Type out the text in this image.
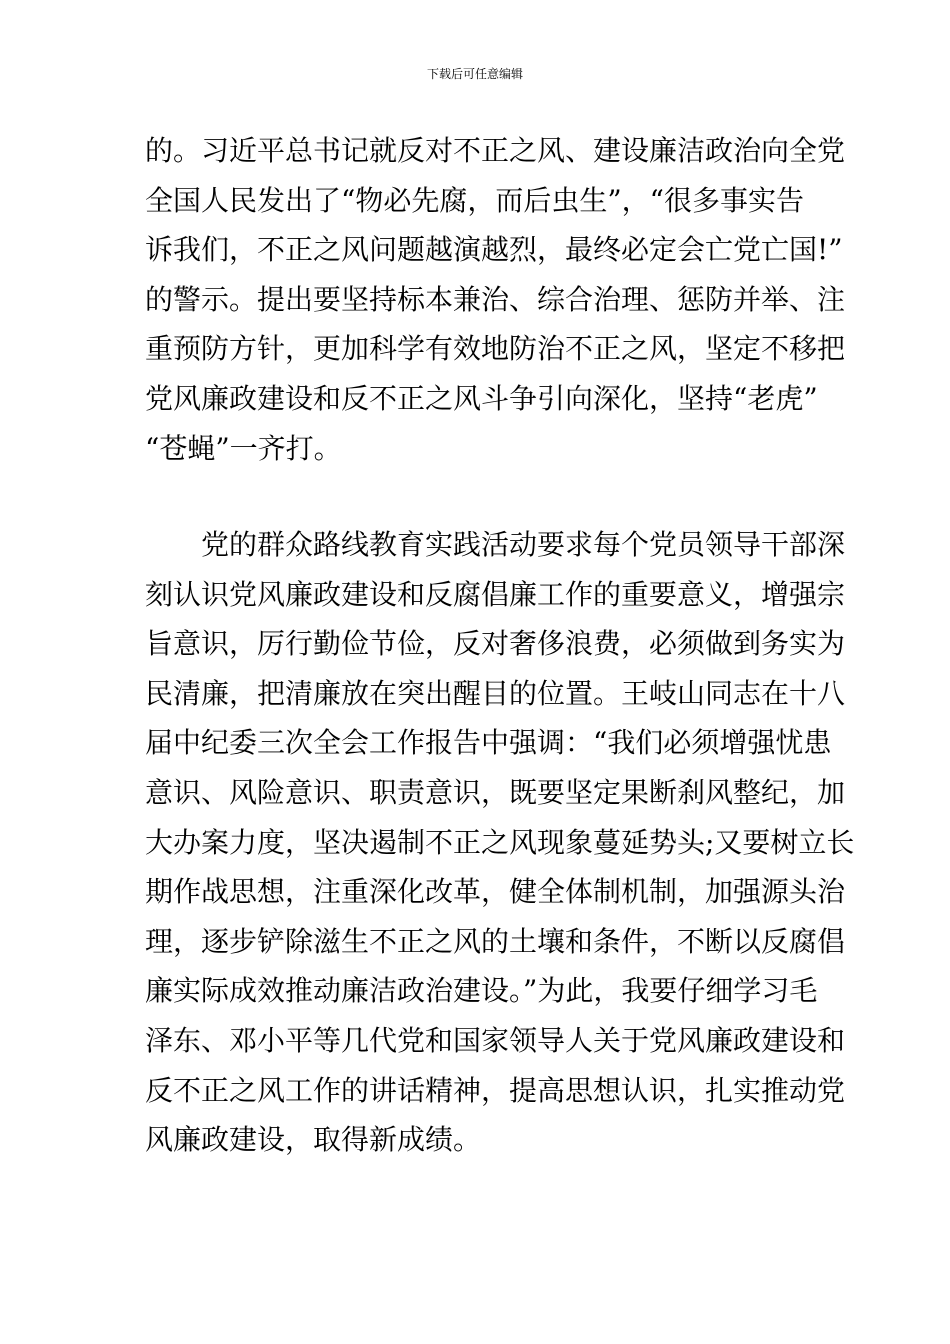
下载后可任意编辑
的。习近平总书记就反对不正之风、建设廉洁政治向全党
全国人民发出了“物必先腐，而后虫生”，“很多事实告
诉我们，不正之风问题越演越烈，最终必定会亡党亡国!”
的警示。提出要坚持标本兼治、综合治理、惩防并举、注
重预防方针，更加科学有效地防治不正之风，坚定不移把
党风廉政建设和反不正之风斗争引向深化，坚持“老虎”
“苍蝇”一齐打。
　　党的群众路线教育实践活动要求每个党员领导干部深
刻认识党风廉政建设和反腐倡廉工作的重要意义，增强宗
旨意识，厉行勤俭节俭，反对奢侈浪费，必须做到务实为
民清廉，把清廉放在突出醒目的位置。王岐山同志在十八
届中纪委三次全会工作报告中强调：“我们必须增强忧患
意识、风险意识、职责意识，既要坚定果断刹风整纪，加
大办案力度，坚决遏制不正之风现象蔓延势头;又要树立长
期作战思想，注重深化改革，健全体制机制，加强源头治
理，逐步铲除滋生不正之风的土壤和条件，不断以反腐倡
廉实际成效推动廉洁政治建设。”为此，我要仔细学习毛
泽东、邓小平等几代党和国家领导人关于党风廉政建设和
反不正之风工作的讲话精神，提高思想认识，扎实推动党
风廉政建设，取得新成绩。
